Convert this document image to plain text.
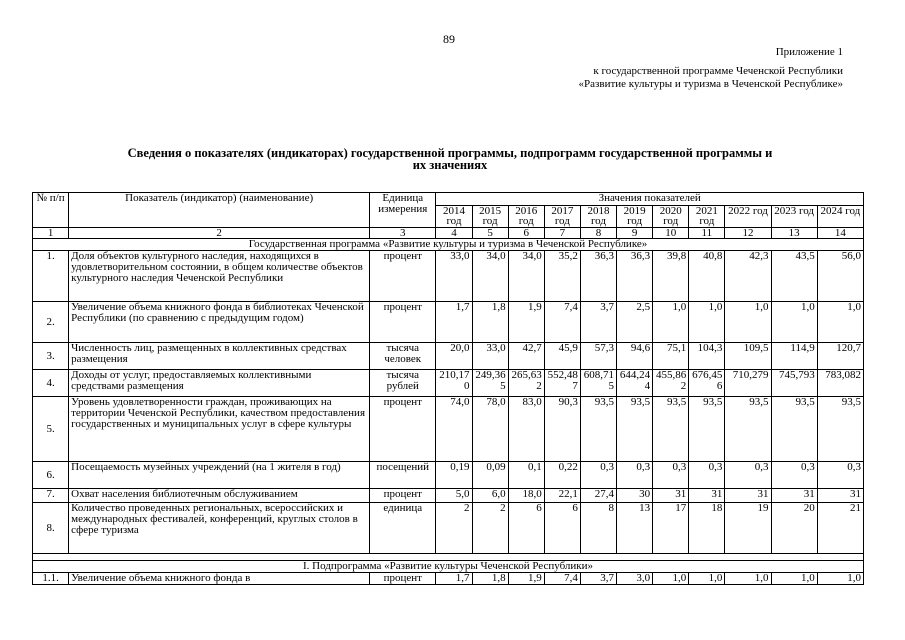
89
Приложение 1
к государственной программе Чеченской Республики
«Развитие культуры и туризма в Чеченской Республике»
Сведения о показателях (индикаторах) государственной программы, подпрограмм государственной программы и
их значениях
№ п/п	Показатель (индикатор) (наименование)	Единица измерения	Значения показателей										
			2014 год	2015 год	2016 год	2017 год	2018 год	2019 год	2020 год	2021 год	2022 год	2023 год	2024 год
1	2	3	4	5	6	7	8	9	10	11	12	13	14
Государственная программа «Развитие культуры и туризма в Чеченской Республике»													
1.	Доля объектов культурного наследия, находящихся в удовлетворительном состоянии, в общем количестве объектов культурного наследия Чеченской Республики	процент	33,0	34,0	34,0	35,2	36,3	36,3	39,8	40,8	42,3	43,5	56,0
2.	Увеличение объема книжного фонда в библиотеках Чеченской Республики (по сравнению с предыдущим годом)	процент	1,7	1,8	1,9	7,4	3,7	2,5	1,0	1,0	1,0	1,0	1,0
3.	Численность лиц, размещенных в коллективных средствах размещения	тысяча человек	20,0	33,0	42,7	45,9	57,3	94,6	75,1	104,3	109,5	114,9	120,7
4.	Доходы от услуг, предоставляемых коллективными средствами размещения	тысяча рублей	210,170	249,365	265,632	552,487	608,715	644,244	455,862	676,456	710,279	745,793	783,082
5.	Уровень удовлетворенности граждан, проживающих на территории Чеченской Республики, качеством предоставления государственных и муниципальных услуг в сфере культуры	процент	74,0	78,0	83,0	90,3	93,5	93,5	93,5	93,5	93,5	93,5	93,5
6.	Посещаемость музейных учреждений (на 1 жителя в год)	посещений	0,19	0,09	0,1	0,22	0,3	0,3	0,3	0,3	0,3	0,3	0,3
7.	Охват населения библиотечным обслуживанием	процент	5,0	6,0	18,0	22,1	27,4	30	31	31	31	31	31
8.	Количество проведенных региональных, всероссийских и международных фестивалей, конференций, круглых столов в сфере туризма	единица	2	2	6	6	8	13	17	18	19	20	21

I. Подпрограмма «Развитие культуры Чеченской Республики»													
1.1.	Увеличение объема книжного фонда в	процент	1,7	1,8	1,9	7,4	3,7	3,0	1,0	1,0	1,0	1,0	1,0
